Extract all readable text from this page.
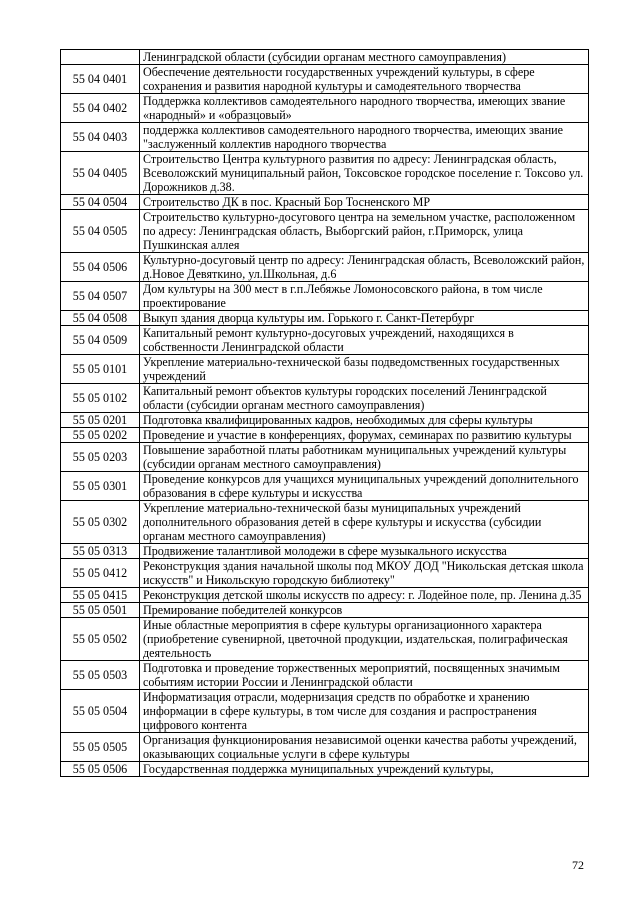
	Ленинградской области (субсидии органам местного самоуправления)
55 04 0401	Обеспечение деятельности государственных учреждений культуры, в сфере сохранения и развития народной культуры и самодеятельного творчества
55 04 0402	Поддержка коллективов самодеятельного народного творчества, имеющих звание «народный» и «образцовый»
55 04 0403	поддержка коллективов самодеятельного народного творчества, имеющих звание "заслуженный коллектив народного творчества
55 04 0405	Строительство Центра культурного развития по адресу: Ленинградская область, Всеволожский муниципальный район, Токсовское городское поселение г. Токсово ул. Дорожников д.38.
55 04 0504	Строительство ДК в пос. Красный Бор Тосненского МР
55 04 0505	Строительство культурно-досугового центра на земельном участке, расположенном по адресу: Ленинградская область, Выборгский район, г.Приморск, улица Пушкинская аллея
55 04 0506	Культурно-досуговый центр по адресу: Ленинградская область, Всеволожский район, д.Новое Девяткино, ул.Школьная, д.6
55 04 0507	Дом культуры на 300 мест в г.п.Лебяжье Ломоносовского района, в том числе проектирование
55 04 0508	Выкуп здания дворца культуры им. Горького г. Санкт-Петербург
55 04 0509	Капитальный ремонт культурно-досуговых учреждений, находящихся в собственности Ленинградской области
55 05 0101	Укрепление материально-технической базы подведомственных государственных учреждений
55 05 0102	Капитальный ремонт объектов культуры городских поселений Ленинградской области (субсидии органам местного самоуправления)
55 05 0201	Подготовка квалифицированных кадров, необходимых для сферы культуры
55 05 0202	Проведение и участие в конференциях, форумах, семинарах по развитию культуры
55 05 0203	Повышение заработной платы работникам муниципальных учреждений культуры (субсидии органам местного самоуправления)
55 05 0301	Проведение конкурсов для учащихся муниципальных учреждений дополнительного образования в сфере культуры и искусства
55 05 0302	Укрепление материально-технической базы муниципальных учреждений дополнительного образования детей в сфере культуры и искусства (субсидии органам местного самоуправления)
55 05 0313	Продвижение талантливой молодежи в сфере музыкального искусства
55 05 0412	Реконструкция здания начальной школы под МКОУ ДОД "Никольская детская школа искусств" и Никольскую городскую библиотеку"
55 05 0415	Реконструкция детской школы искусств по адресу: г. Лодейное поле, пр. Ленина д.35
55 05 0501	Премирование победителей конкурсов
55 05 0502	Иные областные мероприятия в сфере культуры организационного характера (приобретение сувенирной, цветочной продукции, издательская, полиграфическая деятельность
55 05 0503	Подготовка и проведение торжественных мероприятий, посвященных значимым событиям истории России и Ленинградской области
55 05 0504	Информатизация отрасли, модернизация средств по обработке и хранению информации в сфере культуры, в том числе для создания и распространения цифрового контента
55 05 0505	Организация функционирования независимой оценки качества работы учреждений, оказывающих социальные услуги в сфере культуры
55 05 0506	Государственная поддержка муниципальных учреждений культуры,
72
